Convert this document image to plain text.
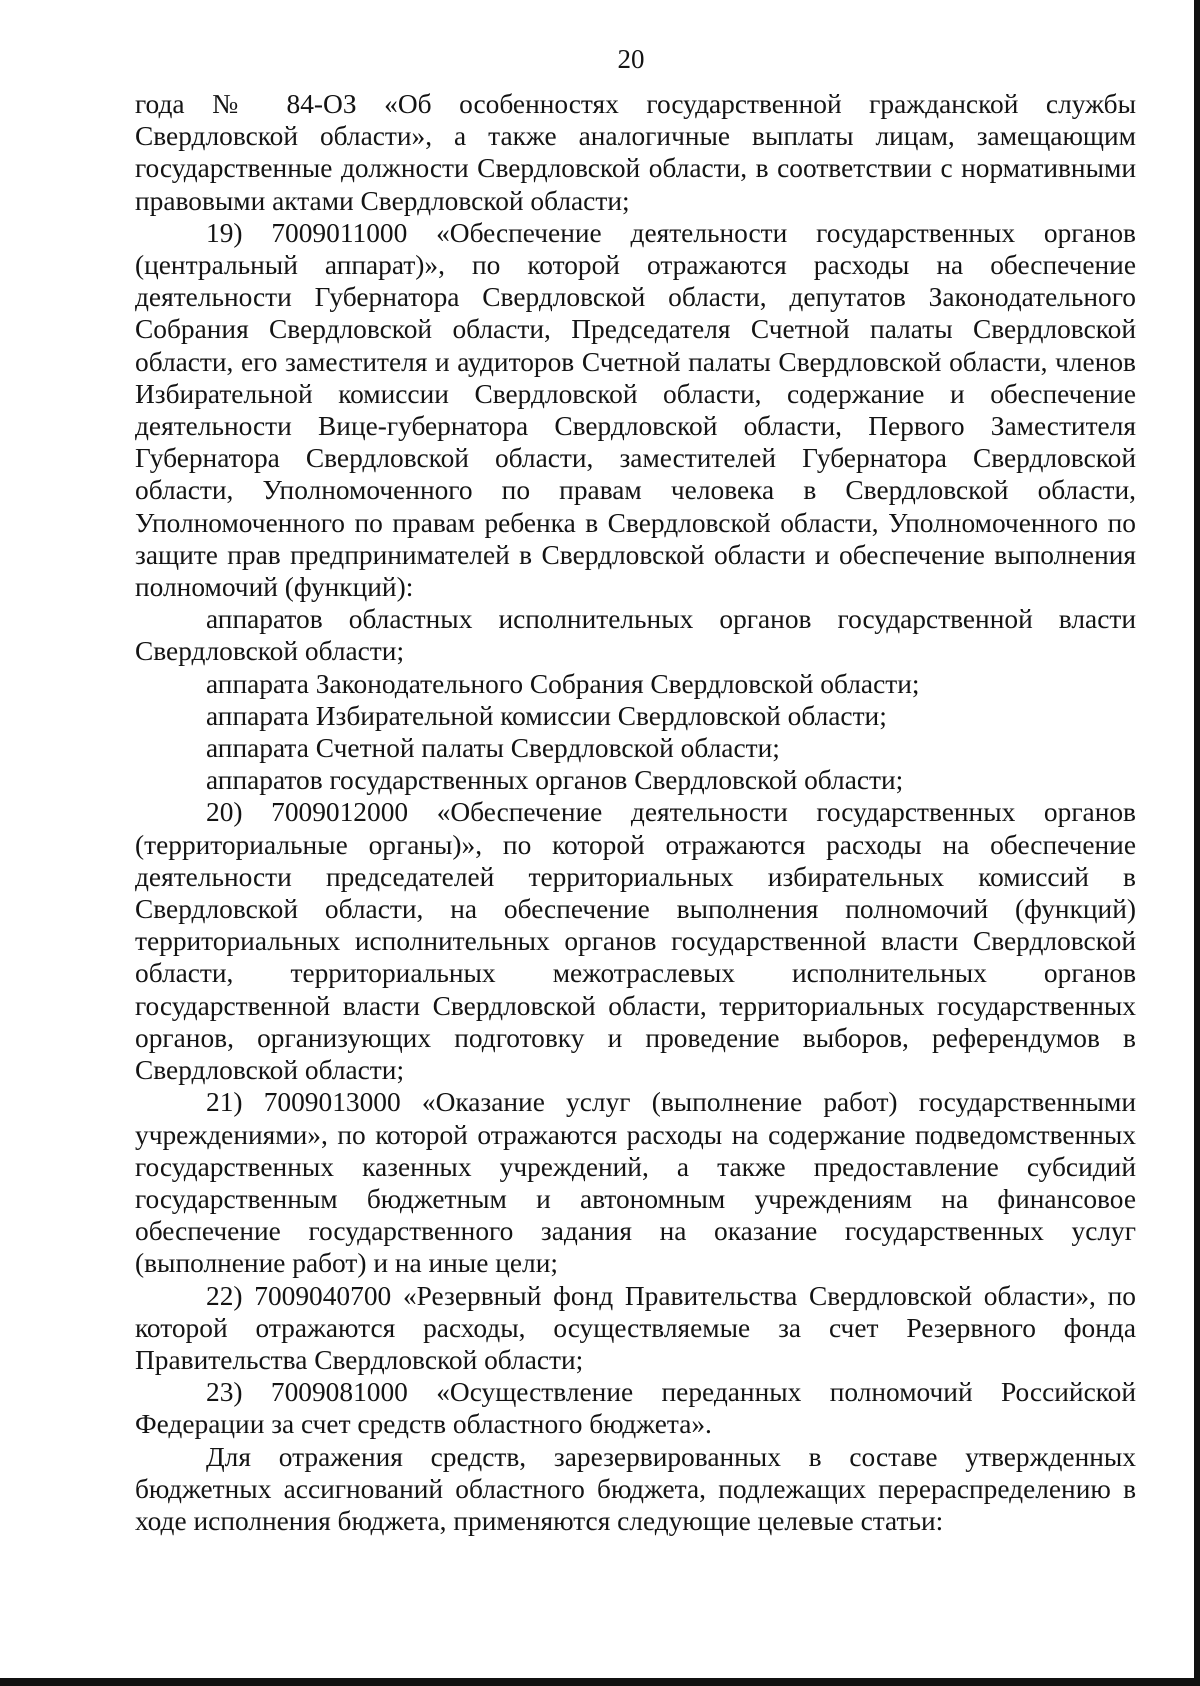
20

года № 84-ОЗ «Об особенностях государственной гражданской службы Свердловской области», а также аналогичные выплаты лицам, замещающим государственные должности Свердловской области, в соответствии с нормативными правовыми актами Свердловской области;

19) 7009011000 «Обеспечение деятельности государственных органов (центральный аппарат)», по которой отражаются расходы на обеспечение деятельности Губернатора Свердловской области, депутатов Законодательного Собрания Свердловской области, Председателя Счетной палаты Свердловской области, его заместителя и аудиторов Счетной палаты Свердловской области, членов Избирательной комиссии Свердловской области, содержание и обеспечение деятельности Вице-губернатора Свердловской области, Первого Заместителя Губернатора Свердловской области, заместителей Губернатора Свердловской области, Уполномоченного по правам человека в Свердловской области, Уполномоченного по правам ребенка в Свердловской области, Уполномоченного по защите прав предпринимателей в Свердловской области и обеспечение выполнения полномочий (функций):

аппаратов областных исполнительных органов государственной власти Свердловской области;

аппарата Законодательного Собрания Свердловской области;

аппарата Избирательной комиссии Свердловской области;

аппарата Счетной палаты Свердловской области;

аппаратов государственных органов Свердловской области;

20) 7009012000 «Обеспечение деятельности государственных органов (территориальные органы)», по которой отражаются расходы на обеспечение деятельности председателей территориальных избирательных комиссий в Свердловской области, на обеспечение выполнения полномочий (функций) территориальных исполнительных органов государственной власти Свердловской области, территориальных межотраслевых исполнительных органов государственной власти Свердловской области, территориальных государственных органов, организующих подготовку и проведение выборов, референдумов в Свердловской области;

21) 7009013000 «Оказание услуг (выполнение работ) государственными учреждениями», по которой отражаются расходы на содержание подведомственных государственных казенных учреждений, а также предоставление субсидий государственным бюджетным и автономным учреждениям на финансовое обеспечение государственного задания на оказание государственных услуг (выполнение работ) и на иные цели;

22) 7009040700 «Резервный фонд Правительства Свердловской области», по которой отражаются расходы, осуществляемые за счет Резервного фонда Правительства Свердловской области;

23) 7009081000 «Осуществление переданных полномочий Российской Федерации за счет средств областного бюджета».

Для отражения средств, зарезервированных в составе утвержденных бюджетных ассигнований областного бюджета, подлежащих перераспределению в ходе исполнения бюджета, применяются следующие целевые статьи:
